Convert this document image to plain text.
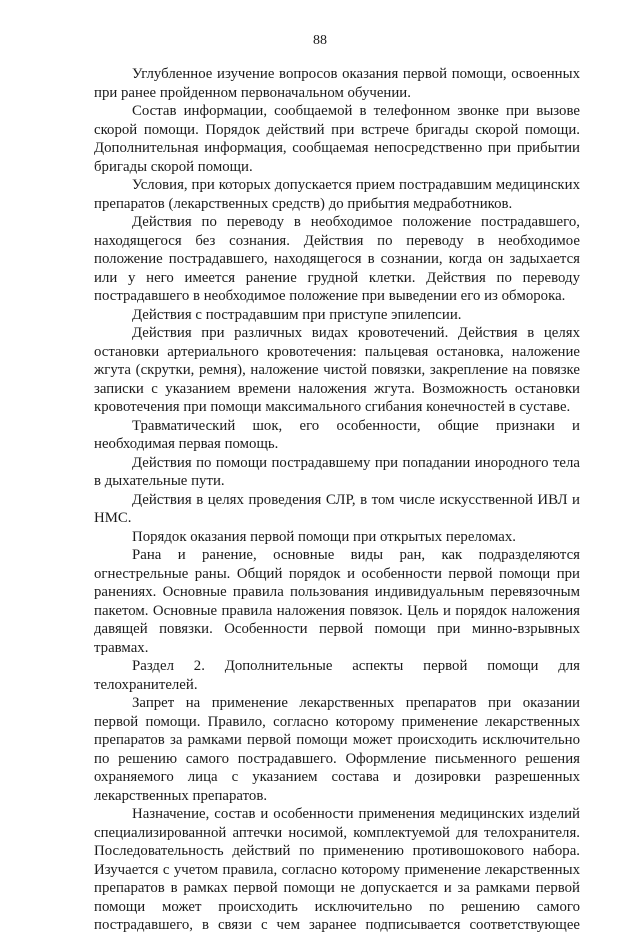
88

Углубленное изучение вопросов оказания первой помощи, освоенных при ранее пройденном первоначальном обучении.

Состав информации, сообщаемой в телефонном звонке при вызове скорой помощи. Порядок действий при встрече бригады скорой помощи. Дополнительная информация, сообщаемая непосредственно при прибытии бригады скорой помощи.

Условия, при которых допускается прием пострадавшим медицинских препаратов (лекарственных средств) до прибытия медработников.

Действия по переводу в необходимое положение пострадавшего, находящегося без сознания. Действия по переводу в необходимое положение пострадавшего, находящегося в сознании, когда он задыхается или у него имеется ранение грудной клетки. Действия по переводу пострадавшего в необходимое положение при выведении его из обморока.

Действия с пострадавшим при приступе эпилепсии.

Действия при различных видах кровотечений. Действия в целях остановки артериального кровотечения: пальцевая остановка, наложение жгута (скрутки, ремня), наложение чистой повязки, закрепление на повязке записки с указанием времени наложения жгута. Возможность остановки кровотечения при помощи максимального сгибания конечностей в суставе.

Травматический шок, его особенности, общие признаки и необходимая первая помощь.

Действия по помощи пострадавшему при попадании инородного тела в дыхательные пути.

Действия в целях проведения СЛР, в том числе искусственной ИВЛ и НМС.

Порядок оказания первой помощи при открытых переломах.

Рана и ранение, основные виды ран, как подразделяются огнестрельные раны. Общий порядок и особенности первой помощи при ранениях. Основные правила пользования индивидуальным перевязочным пакетом. Основные правила наложения повязок. Цель и порядок наложения давящей повязки. Особенности первой помощи при минно-взрывных травмах.

Раздел 2. Дополнительные аспекты первой помощи для телохранителей.

Запрет на применение лекарственных препаратов при оказании первой помощи. Правило, согласно которому применение лекарственных препаратов за рамками первой помощи может происходить исключительно по решению самого пострадавшего. Оформление письменного решения охраняемого лица с указанием состава и дозировки разрешенных лекарственных препаратов.

Назначение, состав и особенности применения медицинских изделий специализированной аптечки носимой, комплектуемой для телохранителя. Последовательность действий по применению противошокового набора. Изучается с учетом правила, согласно которому применение лекарственных препаратов в рамках первой помощи не допускается и за рамками первой помощи может происходить исключительно по решению самого пострадавшего, в связи с чем заранее подписывается соответствующее
